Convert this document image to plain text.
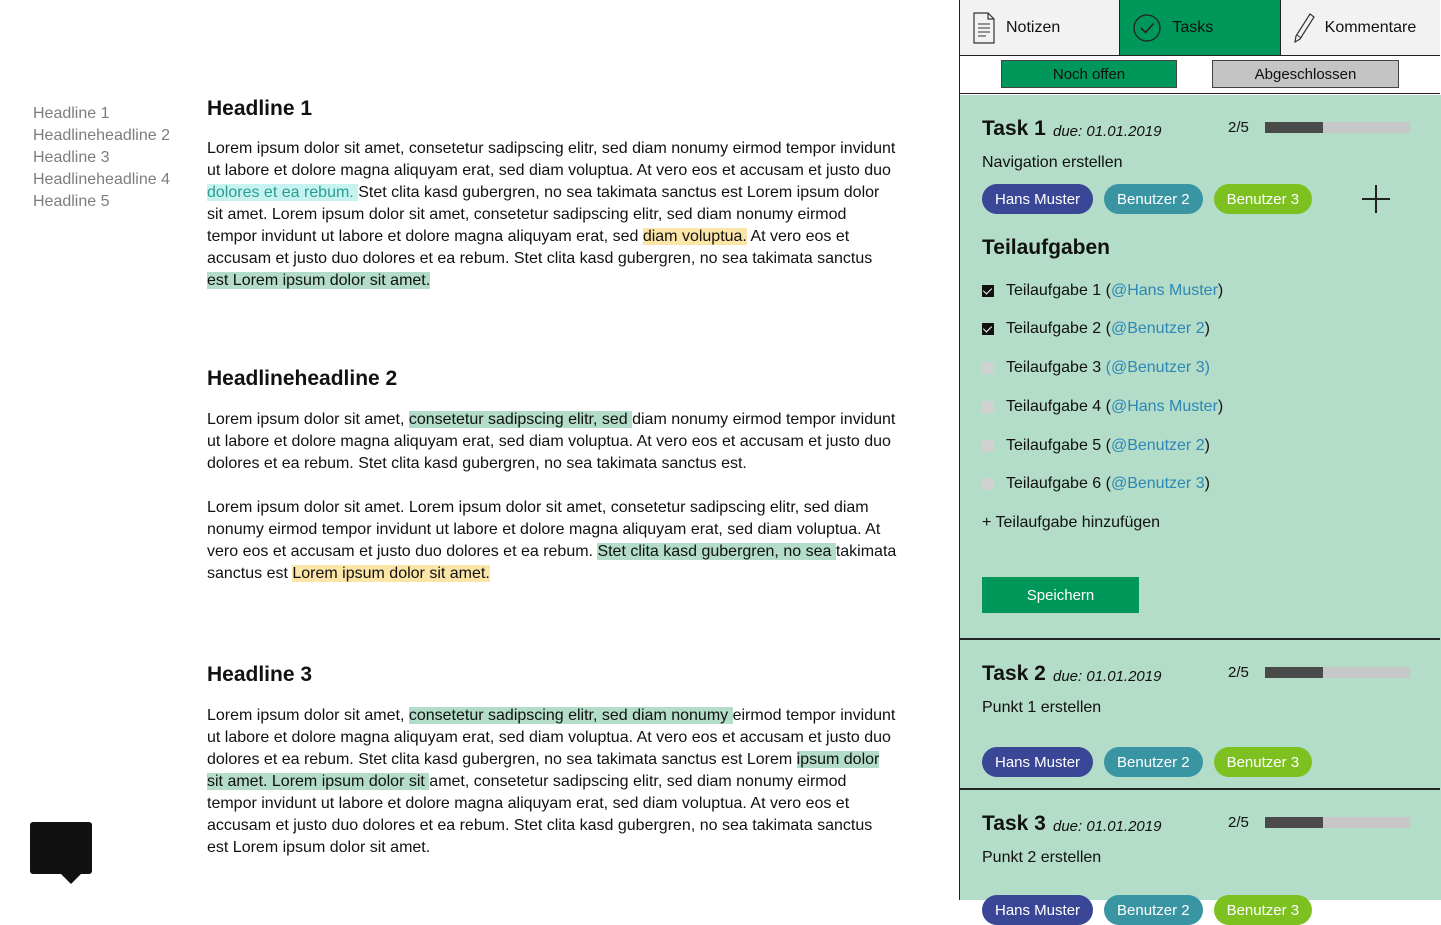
Headline 1
Headlineheadline 2
Headline 3
Headlineheadline 4
Headline 5
Headline 1

Lorem ipsum dolor sit amet, consetetur sadipscing elitr, sed diam nonumy eirmod tempor invidunt ut labore et dolore magna aliquyam erat, sed diam voluptua. At vero eos et accusam et justo duo dolores et ea rebum. Stet clita kasd gubergren, no sea takimata sanctus est Lorem ipsum dolor sit amet. Lorem ipsum dolor sit amet, consetetur sadipscing elitr, sed diam nonumy eirmod tempor invidunt ut labore et dolore magna aliquyam erat, sed diam voluptua. At vero eos et accusam et justo duo dolores et ea rebum. Stet clita kasd gubergren, no sea takimata sanctus est Lorem ipsum dolor sit amet.

Headlineheadline 2

Lorem ipsum dolor sit amet, consetetur sadipscing elitr, sed diam nonumy eirmod tempor invidunt ut labore et dolore magna aliquyam erat, sed diam voluptua. At vero eos et accusam et justo duo dolores et ea rebum. Stet clita kasd gubergren, no sea takimata sanctus est.

Lorem ipsum dolor sit amet. Lorem ipsum dolor sit amet, consetetur sadipscing elitr, sed diam nonumy eirmod tempor invidunt ut labore et dolore magna aliquyam erat, sed diam voluptua. At vero eos et accusam et justo duo dolores et ea rebum. Stet clita kasd gubergren, no sea takimata sanctus est Lorem ipsum dolor sit amet.

Headline 3

Lorem ipsum dolor sit amet, consetetur sadipscing elitr, sed diam nonumy eirmod tempor invidunt ut labore et dolore magna aliquyam erat, sed diam voluptua. At vero eos et accusam et justo duo dolores et ea rebum. Stet clita kasd gubergren, no sea takimata sanctus est Lorem ipsum dolor sit amet. Lorem ipsum dolor sit amet, consetetur sadipscing elitr, sed diam nonumy eirmod tempor invidunt ut labore et dolore magna aliquyam erat, sed diam voluptua. At vero eos et accusam et justo duo dolores et ea rebum. Stet clita kasd gubergren, no sea takimata sanctus est Lorem ipsum dolor sit amet.

Notizen	Tasks	Kommentare
Noch offen	Abgeschlossen
Task 1 due: 01.01.2019	2/5
Navigation erstellen
Hans Muster	Benutzer 2	Benutzer 3
Teilaufgaben
Teilaufgabe 1 ( @Hans Muster )
Teilaufgabe 2 ( @Benutzer 2 )
Teilaufgabe 3
(@Benutzer 3)
Teilaufgabe 4 ( @Hans Muster )
Teilaufgabe 5 ( @Benutzer 2 )
Teilaufgabe 6 ( @Benutzer 3 )
+ Teilaufgabe hinzufügen
Speichern
Task 2 due: 01.01.2019	2/5
Punkt 1 erstellen
Hans Muster	Benutzer 2	Benutzer 3
Task 3 due: 01.01.2019	2/5
Punkt 2 erstellen
Hans Muster	Benutzer 2	Benutzer 3
